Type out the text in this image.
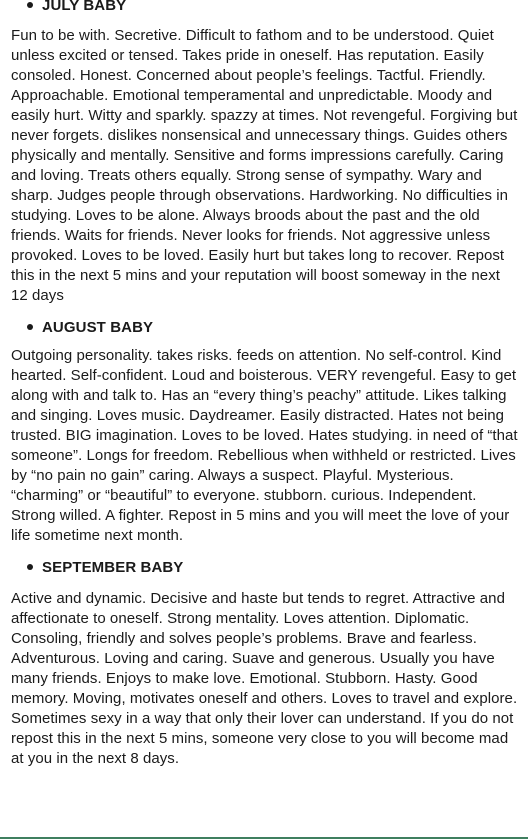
JULY BABY

Fun to be with. Secretive. Difficult to fathom and to be understood. Quiet unless excited or tensed. Takes pride in oneself. Has reputation. Easily consoled. Honest. Concerned about people’s feelings. Tactful. Friendly. Approachable. Emotional temperamental and unpredictable. Moody and easily hurt. Witty and sparkly. spazzy at times. Not revengeful. Forgiving but never forgets. dislikes nonsensical and unnecessary things. Guides others physically and mentally. Sensitive and forms impressions carefully. Caring and loving. Treats others equally. Strong sense of sympathy. Wary and sharp. Judges people through observations. Hardworking. No difficulties in studying. Loves to be alone. Always broods about the past and the old friends. Waits for friends. Never looks for friends. Not aggressive unless provoked. Loves to be loved. Easily hurt but takes long to recover. Repost this in the next 5 mins and your reputation will boost someway in the next 12 days

AUGUST BABY

Outgoing personality. takes risks. feeds on attention. No self-control. Kind hearted. Self-confident. Loud and boisterous. VERY revengeful. Easy to get along with and talk to. Has an “every thing’s peachy” attitude. Likes talking and singing. Loves music. Daydreamer. Easily distracted. Hates not being trusted. BIG imagination. Loves to be loved. Hates studying. in need of “that someone”. Longs for freedom. Rebellious when withheld or restricted. Lives by “no pain no gain” caring. Always a suspect. Playful. Mysterious. “charming” or “beautiful” to everyone. stubborn. curious. Independent. Strong willed. A fighter. Repost in 5 mins and you will meet the love of your life sometime next month.

SEPTEMBER BABY

Active and dynamic. Decisive and haste but tends to regret. Attractive and affectionate to oneself. Strong mentality. Loves attention. Diplomatic. Consoling, friendly and solves people’s problems. Brave and fearless. Adventurous. Loving and caring. Suave and generous. Usually you have many friends. Enjoys to make love. Emotional. Stubborn. Hasty. Good memory. Moving, motivates oneself and others. Loves to travel and explore. Sometimes sexy in a way that only their lover can understand. If you do not repost this in the next 5 mins, someone very close to you will become mad at you in the next 8 days.
